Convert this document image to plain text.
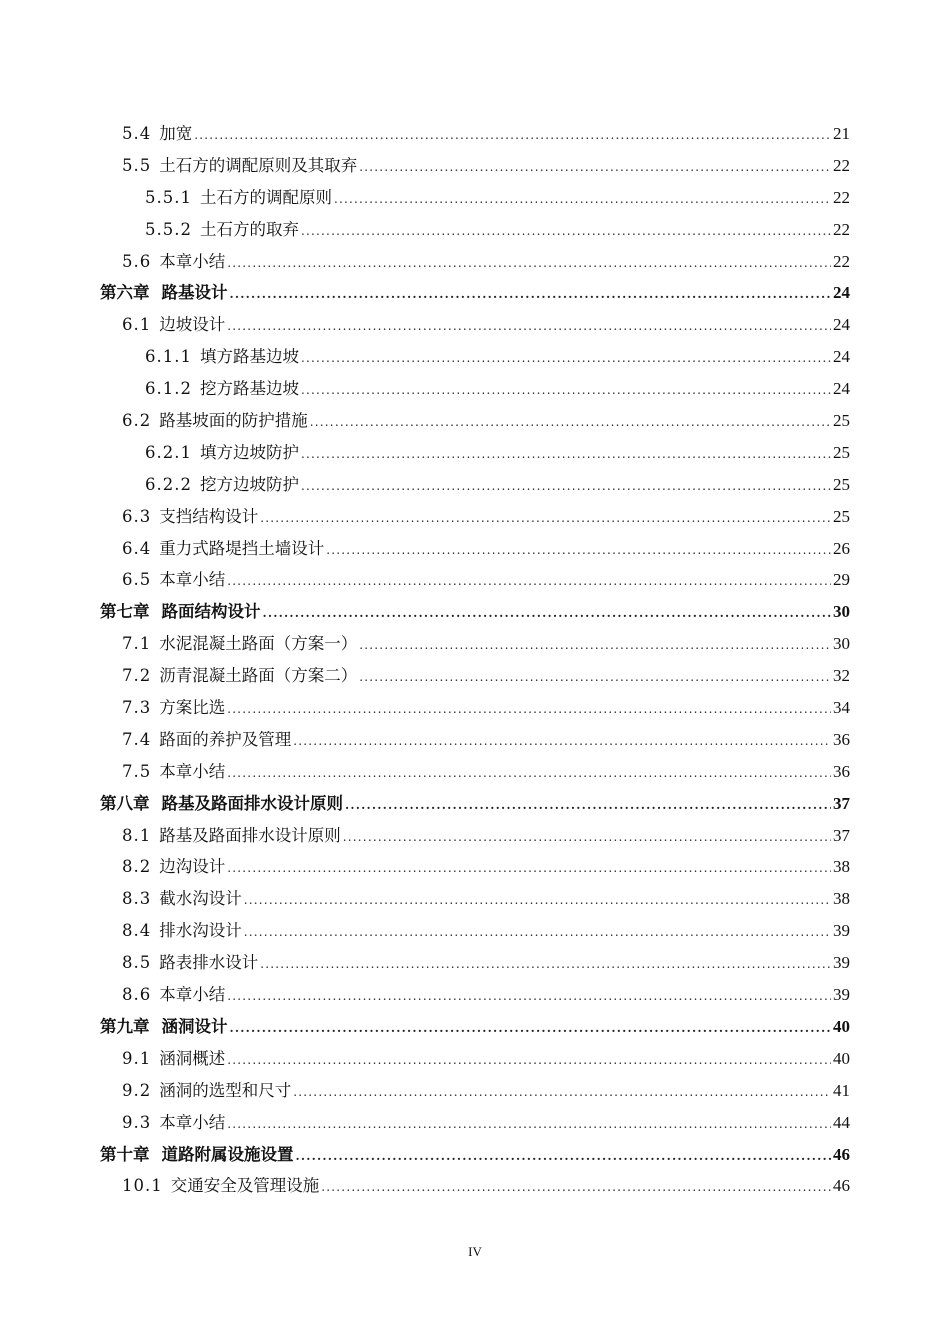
5.4 加宽 .....	21
5.5 土石方的调配原则及其取弃 .....	22
5.5.1 土石方的调配原则 .....	22
5.5.2 土石方的取弃 .....	22
5.6 本章小结 .....	22
第六章 路基设计 .....	24
6.1 边坡设计 .....	24
6.1.1 填方路基边坡 .....	24
6.1.2 挖方路基边坡 .....	24
6.2 路基坡面的防护措施 .....	25
6.2.1 填方边坡防护 .....	25
6.2.2 挖方边坡防护 .....	25
6.3 支挡结构设计 .....	25
6.4 重力式路堤挡土墙设计 .....	26
6.5 本章小结 .....	29
第七章 路面结构设计 .....	30
7.1 水泥混凝土路面（方案一） .....	30
7.2 沥青混凝土路面（方案二） .....	32
7.3 方案比选 .....	34
7.4 路面的养护及管理 .....	36
7.5 本章小结 .....	36
第八章 路基及路面排水设计原则 .....	37
8.1 路基及路面排水设计原则 .....	37
8.2 边沟设计 .....	38
8.3 截水沟设计 .....	38
8.4 排水沟设计 .....	39
8.5 路表排水设计 .....	39
8.6 本章小结 .....	39
第九章 涵洞设计 .....	40
9.1 涵洞概述 .....	40
9.2 涵洞的选型和尺寸 .....	41
9.3 本章小结 .....	44
第十章 道路附属设施设置 .....	46
10.1 交通安全及管理设施 .....	46
IV
